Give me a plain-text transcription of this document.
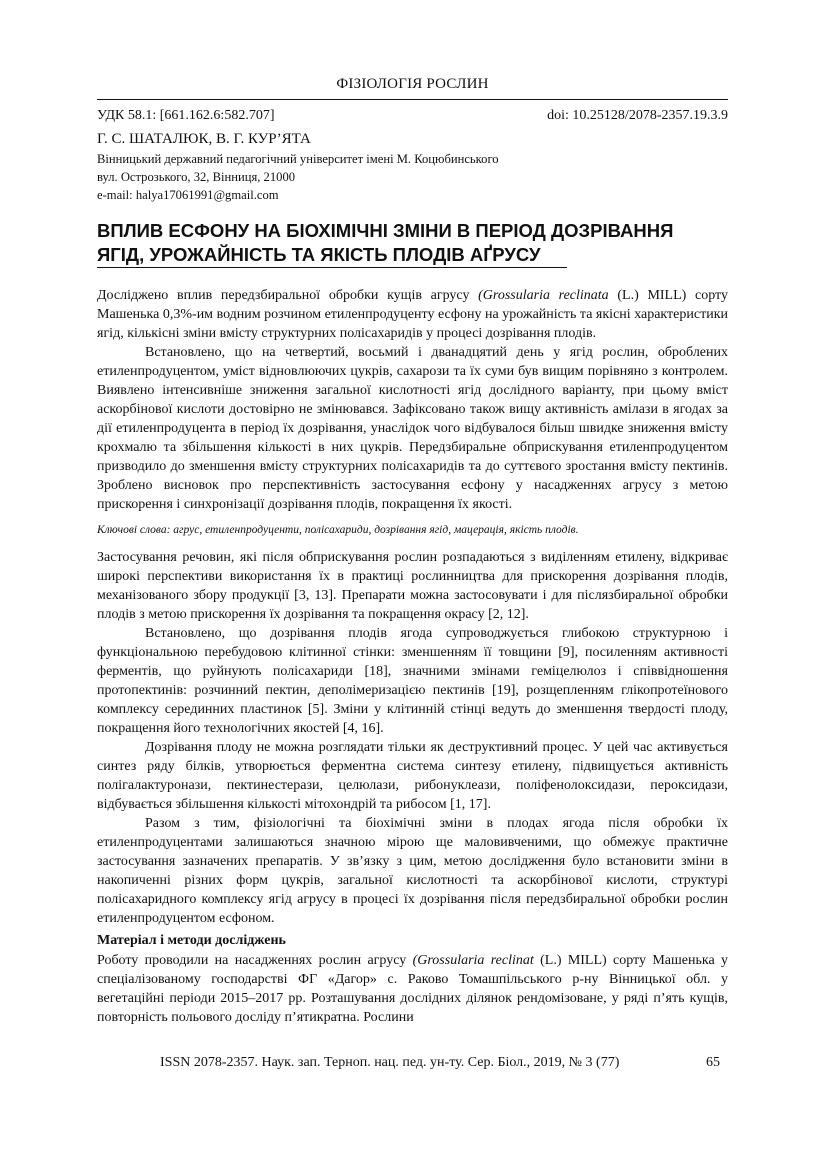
ФІЗІОЛОГІЯ РОСЛИН
УДК 58.1: [661.162.6:582.707]	doi: 10.25128/2078-2357.19.3.9
Г. С. ШАТАЛЮК, В. Г. КУР’ЯТА
Вінницький державний педагогічний університет імені М. Коцюбинського
вул. Острозького, 32, Вінниця, 21000
e-mail: halya17061991@gmail.com
ВПЛИВ ЕСФОНУ НА БІОХІМІЧНІ ЗМІНИ В ПЕРІОД ДОЗРІВАННЯ
ЯГІД, УРОЖАЙНІСТЬ ТА ЯКІСТЬ ПЛОДІВ АҐРУСУ

Досліджено вплив передзбиральної обробки кущів агрусу (Grossularia reclinata (L.) MILL) сорту Машенька 0,3%-им водним розчином етиленпродуценту есфону на урожайність та якісні характеристики ягід, кількісні зміни вмісту структурних полісахаридів у процесі дозрівання плодів.

Встановлено, що на четвертий, восьмий і дванадцятий день у ягід рослин, оброблених етиленпродуцентом, уміст відновлюючих цукрів, сахарози та їх суми був вищим порівняно з контролем. Виявлено інтенсивніше зниження загальної кислотності ягід дослідного варіанту, при цьому вміст аскорбінової кислоти достовірно не змінювався. Зафіксовано також вищу активність амілази в ягодах за дії етиленпродуцента в період їх дозрівання, унаслідок чого відбувалося більш швидке зниження вмісту крохмалю та збільшення кількості в них цукрів. Передзбиральне обприскування етиленпродуцентом призводило до зменшення вмісту структурних полісахаридів та до суттєвого зростання вмісту пектинів. Зроблено висновок про перспективність застосування есфону у насадженнях агрусу з метою прискорення і синхронізації дозрівання плодів, покращення їх якості.

Ключові слова: агрус, етиленпродуценти, полісахариди, дозрівання ягід, мацерація, якість плодів.

Застосування речовин, які після обприскування рослин розпадаються з виділенням етилену, відкриває широкі перспективи використання їх в практиці рослинництва для прискорення дозрівання плодів, механізованого збору продукції [3, 13]. Препарати можна застосовувати і для післязбиральної обробки плодів з метою прискорення їх дозрівання та покращення окрасу [2, 12].

Встановлено, що дозрівання плодів ягода супроводжується глибокою структурною і функціональною перебудовою клітинної стінки: зменшенням її товщини [9], посиленням активності ферментів, що руйнують полісахариди [18], значними змінами геміцелюлоз і співвідношення протопектинів: розчинний пектин, деполімеризацією пектинів [19], розщепленням глікопротеїнового комплексу серединних пластинок [5]. Зміни у клітинній стінці ведуть до зменшення твердості плоду, покращення його технологічних якостей [4, 16].

Дозрівання плоду не можна розглядати тільки як деструктивний процес. У цей час активується синтез ряду білків, утворюється ферментна система синтезу етилену, підвищується активність полігалактуронази, пектинестерази, целюлази, рибонуклеази, поліфенолоксидази, пероксидази, відбувається збільшення кількості мітохондрій та рибосом [1, 17].

Разом з тим, фізіологічні та біохімічні зміни в плодах ягода після обробки їх етиленпродуцентами залишаються значною мірою ще маловивченими, що обмежує практичне застосування зазначених препаратів. У зв’язку з цим, метою дослідження було встановити зміни в накопиченні різних форм цукрів, загальної кислотності та аскорбінової кислоти, структурі полісахаридного комплексу ягід агрусу в процесі їх дозрівання після передзбиральної обробки рослин етиленпродуцентом есфоном.

Матеріал і методи досліджень

Роботу проводили на насадженнях рослин агрусу (Grossularia reclinat (L.) MILL) сорту Машенька у спеціалізованому господарстві ФГ «Дагор» с. Раково Томашпільського р-ну Вінницької обл. у вегетаційні періоди 2015–2017 рр. Розташування дослідних ділянок рендомізоване, у ряді п’ять кущів, повторність польового досліду п’ятикратна. Рослини

ISSN 2078-2357. Наук. зап. Терноп. нац. пед. ун-ту. Сер. Біол., 2019, № 3 (77)	65
